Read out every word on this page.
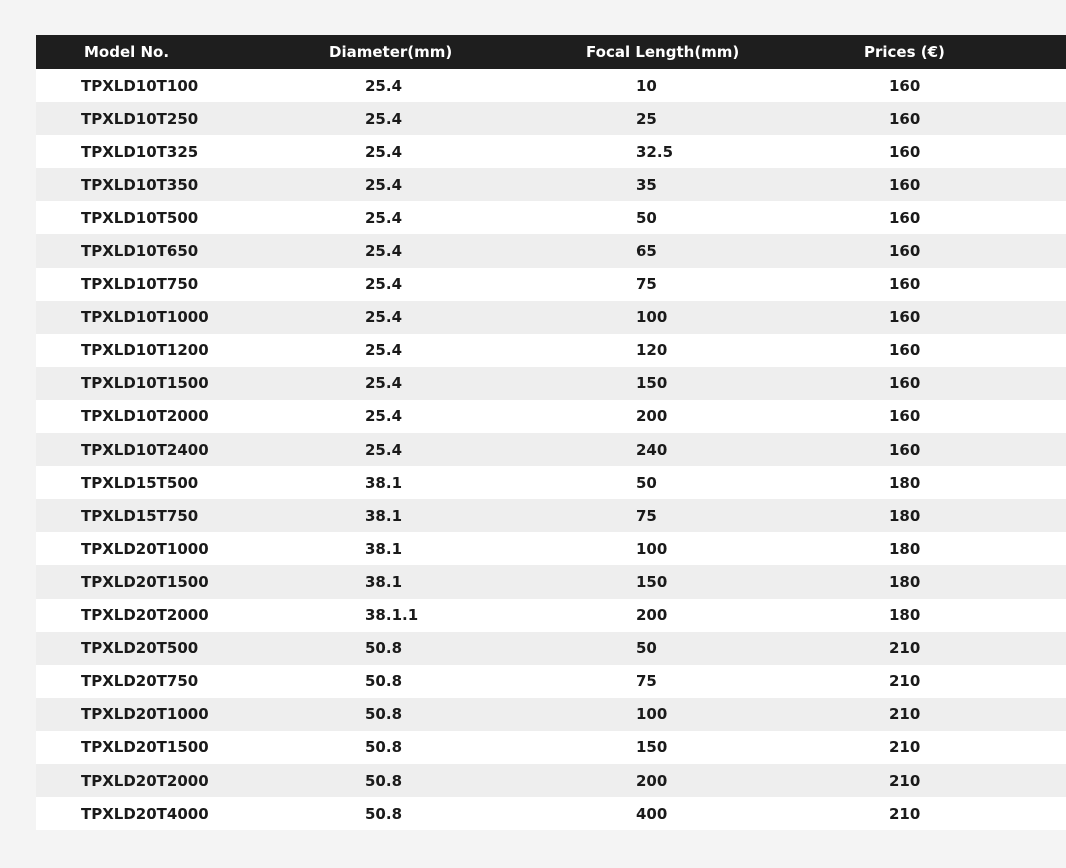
Model No.	Diameter(mm)	Focal Length(mm)	Prices (€)
TPXLD10T100	25.4	10	160
TPXLD10T250	25.4	25	160
TPXLD10T325	25.4	32.5	160
TPXLD10T350	25.4	35	160
TPXLD10T500	25.4	50	160
TPXLD10T650	25.4	65	160
TPXLD10T750	25.4	75	160
TPXLD10T1000	25.4	100	160
TPXLD10T1200	25.4	120	160
TPXLD10T1500	25.4	150	160
TPXLD10T2000	25.4	200	160
TPXLD10T2400	25.4	240	160
TPXLD15T500	38.1	50	180
TPXLD15T750	38.1	75	180
TPXLD20T1000	38.1	100	180
TPXLD20T1500	38.1	150	180
TPXLD20T2000	38.1.1	200	180
TPXLD20T500	50.8	50	210
TPXLD20T750	50.8	75	210
TPXLD20T1000	50.8	100	210
TPXLD20T1500	50.8	150	210
TPXLD20T2000	50.8	200	210
TPXLD20T4000	50.8	400	210
